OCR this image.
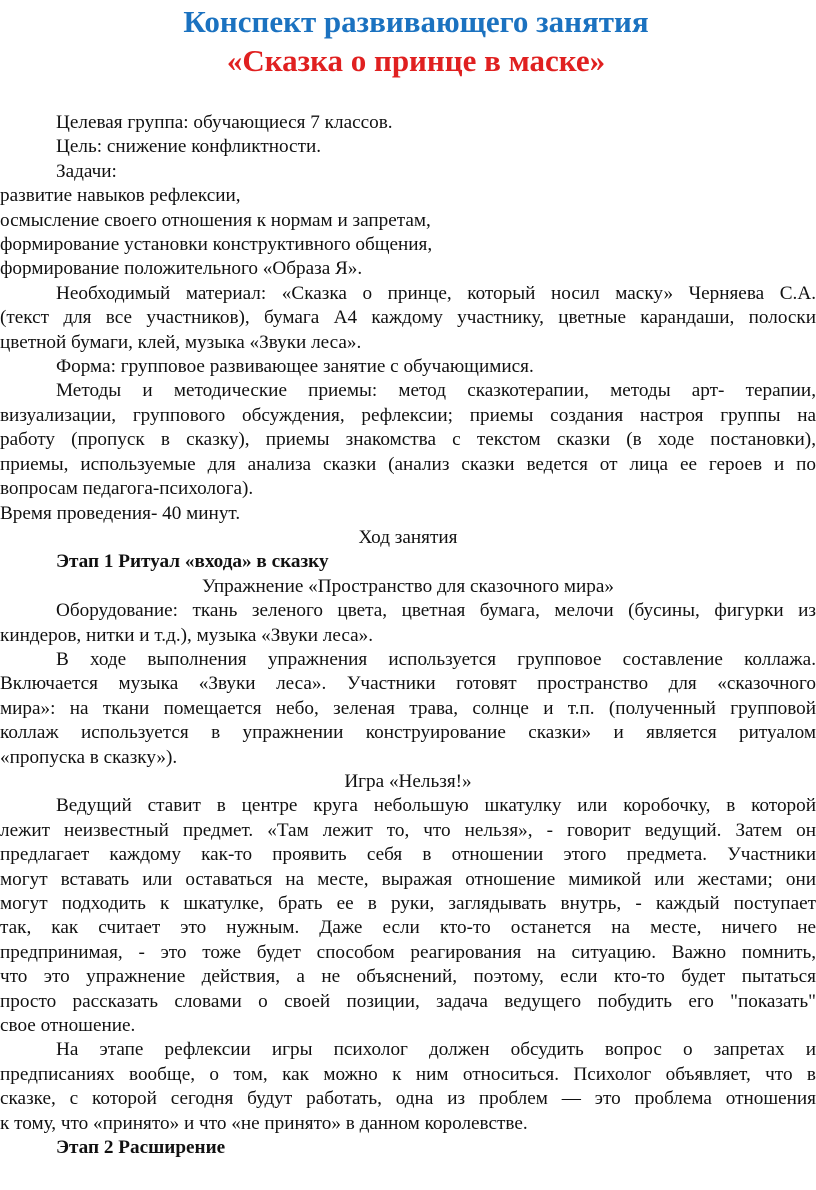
Конспект развивающего занятия
«Сказка о принце в маске»

Целевая группа: обучающиеся 7 классов.

Цель: снижение конфликтности.

Задачи:

развитие навыков рефлексии,
осмысление своего отношения к нормам и запретам,
формирование установки конструктивного общения,
формирование положительного «Образа Я».
Необходимый материал: «Сказка о принце, который носил маску» Черняева С.А.
(текст для все участников), бумага А4 каждому участнику, цветные карандаши, полоски
цветной бумаги, клей, музыка «Звуки леса».

Форма: групповое развивающее занятие с обучающимися.

Методы и методические приемы: метод сказкотерапии, методы арт- терапии,
визуализации, группового обсуждения, рефлексии; приемы создания настроя группы на
работу (пропуск в сказку), приемы знакомства с текстом сказки (в ходе постановки),
приемы, используемые для анализа сказки (анализ сказки ведется от лица ее героев и по
вопросам педагога-психолога).

Время проведения- 40 минут.

Ход занятия

Этап 1 Ритуал «входа» в сказку

Упражнение «Пространство для сказочного мира»

Оборудование: ткань зеленого цвета, цветная бумага, мелочи (бусины, фигурки из
киндеров, нитки и т.д.), музыка «Звуки леса».
В ходе выполнения упражнения используется групповое составление коллажа.
Включается музыка «Звуки леса». Участники готовят пространство для «сказочного
мира»: на ткани помещается небо, зеленая трава, солнце и т.п. (полученный групповой
коллаж используется в упражнении конструирование сказки» и является ритуалом
«пропуска в сказку»).

Игра «Нельзя!»

Ведущий ставит в центре круга небольшую шкатулку или коробочку, в которой
лежит неизвестный предмет. «Там лежит то, что нельзя», - говорит ведущий. Затем он
предлагает каждому как-то проявить себя в отношении этого предмета. Участники
могут вставать или оставаться на месте, выражая отношение мимикой или жестами; они
могут подходить к шкатулке, брать ее в руки, заглядывать внутрь, - каждый поступает
так, как считает это нужным. Даже если кто-то останется на месте, ничего не
предпринимая, - это тоже будет способом реагирования на ситуацию. Важно помнить,
что это упражнение действия, а не объяснений, поэтому, если кто-то будет пытаться
просто рассказать словами о своей позиции, задача ведущего побудить его "показать"
свое отношение.
На этапе рефлексии игры психолог должен обсудить вопрос о запретах и
предписаниях вообще, о том, как можно к ним относиться. Психолог объявляет, что в
сказке, с которой сегодня будут работать, одна из проблем — это проблема отношения
к тому, что «принято» и что «не принято» в данном королевстве.

Этап 2 Расширение
